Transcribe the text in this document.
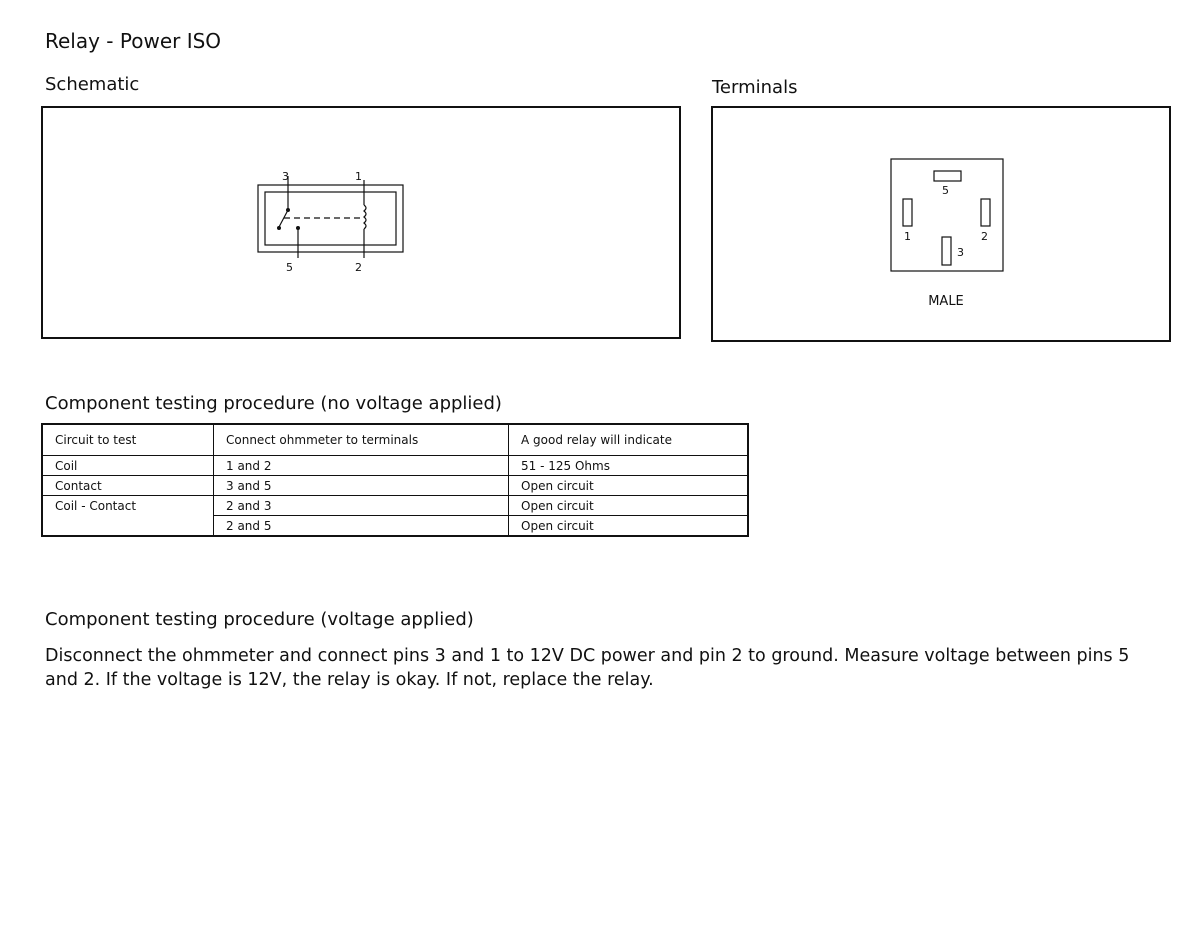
Relay - Power ISO
Schematic
3	1
5	2
Terminals
5
1	2
3
MALE
Component testing procedure (no voltage applied)
Circuit to test	Connect ohmmeter to terminals	A good relay will indicate
Coil	1 and 2	51 - 125 Ohms
Contact	3 and 5	Open circuit
Coil - Contact	2 and 3	Open circuit
	2 and 5	Open circuit
Component testing procedure (voltage applied)
Disconnect the ohmmeter and connect pins 3 and 1 to 12V DC power and pin 2 to ground. Measure voltage between pins 5 and 2. If the voltage is 12V, the relay is okay. If not, replace the relay.
